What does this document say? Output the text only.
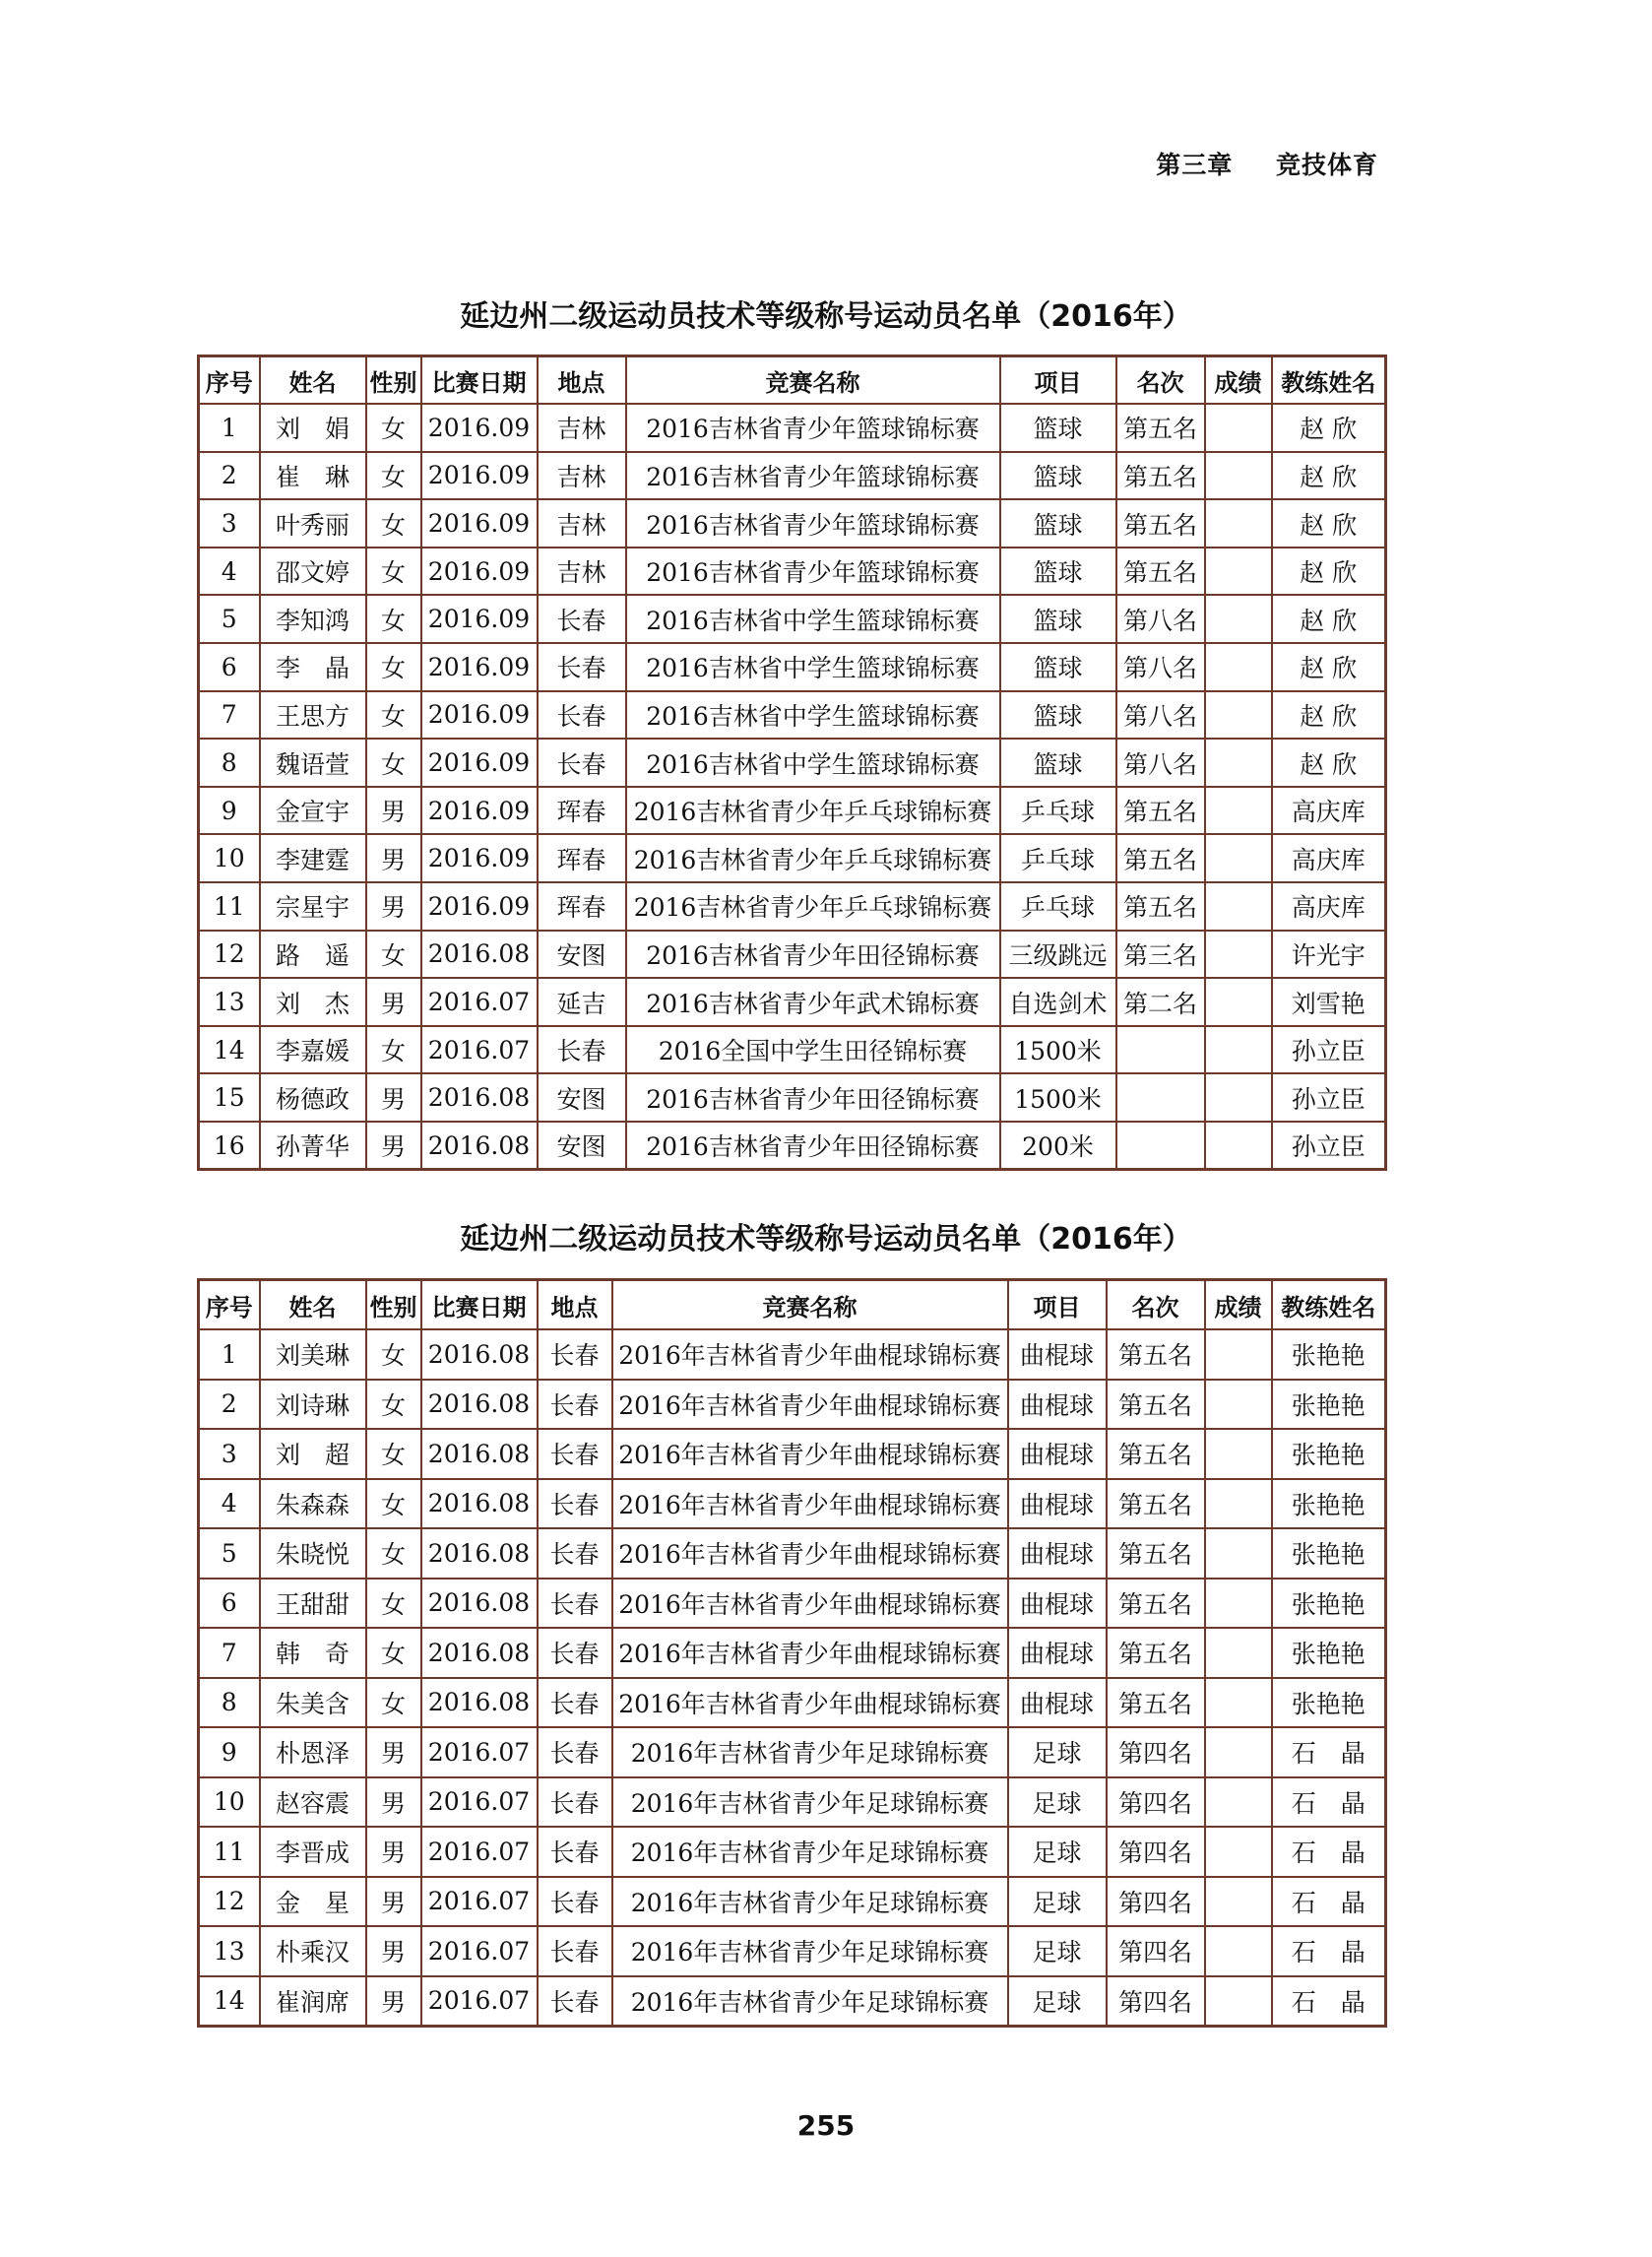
第三章 竞技体育
延边州二级运动员技术等级称号运动员名单（2016年）
序号	姓名	性别	比赛日期	地点	竞赛名称	项目	名次	成绩	教练姓名
1	刘　娟	女	2016.09	吉林	2016吉林省青少年篮球锦标赛	篮球	第五名		赵 欣
2	崔　琳	女	2016.09	吉林	2016吉林省青少年篮球锦标赛	篮球	第五名		赵 欣
3	叶秀丽	女	2016.09	吉林	2016吉林省青少年篮球锦标赛	篮球	第五名		赵 欣
4	邵文婷	女	2016.09	吉林	2016吉林省青少年篮球锦标赛	篮球	第五名		赵 欣
5	李知鸿	女	2016.09	长春	2016吉林省中学生篮球锦标赛	篮球	第八名		赵 欣
6	李　晶	女	2016.09	长春	2016吉林省中学生篮球锦标赛	篮球	第八名		赵 欣
7	王思方	女	2016.09	长春	2016吉林省中学生篮球锦标赛	篮球	第八名		赵 欣
8	魏语萱	女	2016.09	长春	2016吉林省中学生篮球锦标赛	篮球	第八名		赵 欣
9	金宣宇	男	2016.09	珲春	2016吉林省青少年乒乓球锦标赛	乒乓球	第五名		高庆库
10	李建霆	男	2016.09	珲春	2016吉林省青少年乒乓球锦标赛	乒乓球	第五名		高庆库
11	宗星宇	男	2016.09	珲春	2016吉林省青少年乒乓球锦标赛	乒乓球	第五名		高庆库
12	路　遥	女	2016.08	安图	2016吉林省青少年田径锦标赛	三级跳远	第三名		许光宇
13	刘　杰	男	2016.07	延吉	2016吉林省青少年武术锦标赛	自选剑术	第二名		刘雪艳
14	李嘉媛	女	2016.07	长春	2016全国中学生田径锦标赛	1500米			孙立臣
15	杨德政	男	2016.08	安图	2016吉林省青少年田径锦标赛	1500米			孙立臣
16	孙菁华	男	2016.08	安图	2016吉林省青少年田径锦标赛	200米			孙立臣
延边州二级运动员技术等级称号运动员名单（2016年）
序号	姓名	性别	比赛日期	地点	竞赛名称	项目	名次	成绩	教练姓名
1	刘美琳	女	2016.08	长春	2016年吉林省青少年曲棍球锦标赛	曲棍球	第五名		张艳艳
2	刘诗琳	女	2016.08	长春	2016年吉林省青少年曲棍球锦标赛	曲棍球	第五名		张艳艳
3	刘　超	女	2016.08	长春	2016年吉林省青少年曲棍球锦标赛	曲棍球	第五名		张艳艳
4	朱森森	女	2016.08	长春	2016年吉林省青少年曲棍球锦标赛	曲棍球	第五名		张艳艳
5	朱晓悦	女	2016.08	长春	2016年吉林省青少年曲棍球锦标赛	曲棍球	第五名		张艳艳
6	王甜甜	女	2016.08	长春	2016年吉林省青少年曲棍球锦标赛	曲棍球	第五名		张艳艳
7	韩　奇	女	2016.08	长春	2016年吉林省青少年曲棍球锦标赛	曲棍球	第五名		张艳艳
8	朱美含	女	2016.08	长春	2016年吉林省青少年曲棍球锦标赛	曲棍球	第五名		张艳艳
9	朴恩泽	男	2016.07	长春	2016年吉林省青少年足球锦标赛	足球	第四名		石　晶
10	赵容震	男	2016.07	长春	2016年吉林省青少年足球锦标赛	足球	第四名		石　晶
11	李晋成	男	2016.07	长春	2016年吉林省青少年足球锦标赛	足球	第四名		石　晶
12	金　星	男	2016.07	长春	2016年吉林省青少年足球锦标赛	足球	第四名		石　晶
13	朴乘汉	男	2016.07	长春	2016年吉林省青少年足球锦标赛	足球	第四名		石　晶
14	崔润席	男	2016.07	长春	2016年吉林省青少年足球锦标赛	足球	第四名		石　晶
255
